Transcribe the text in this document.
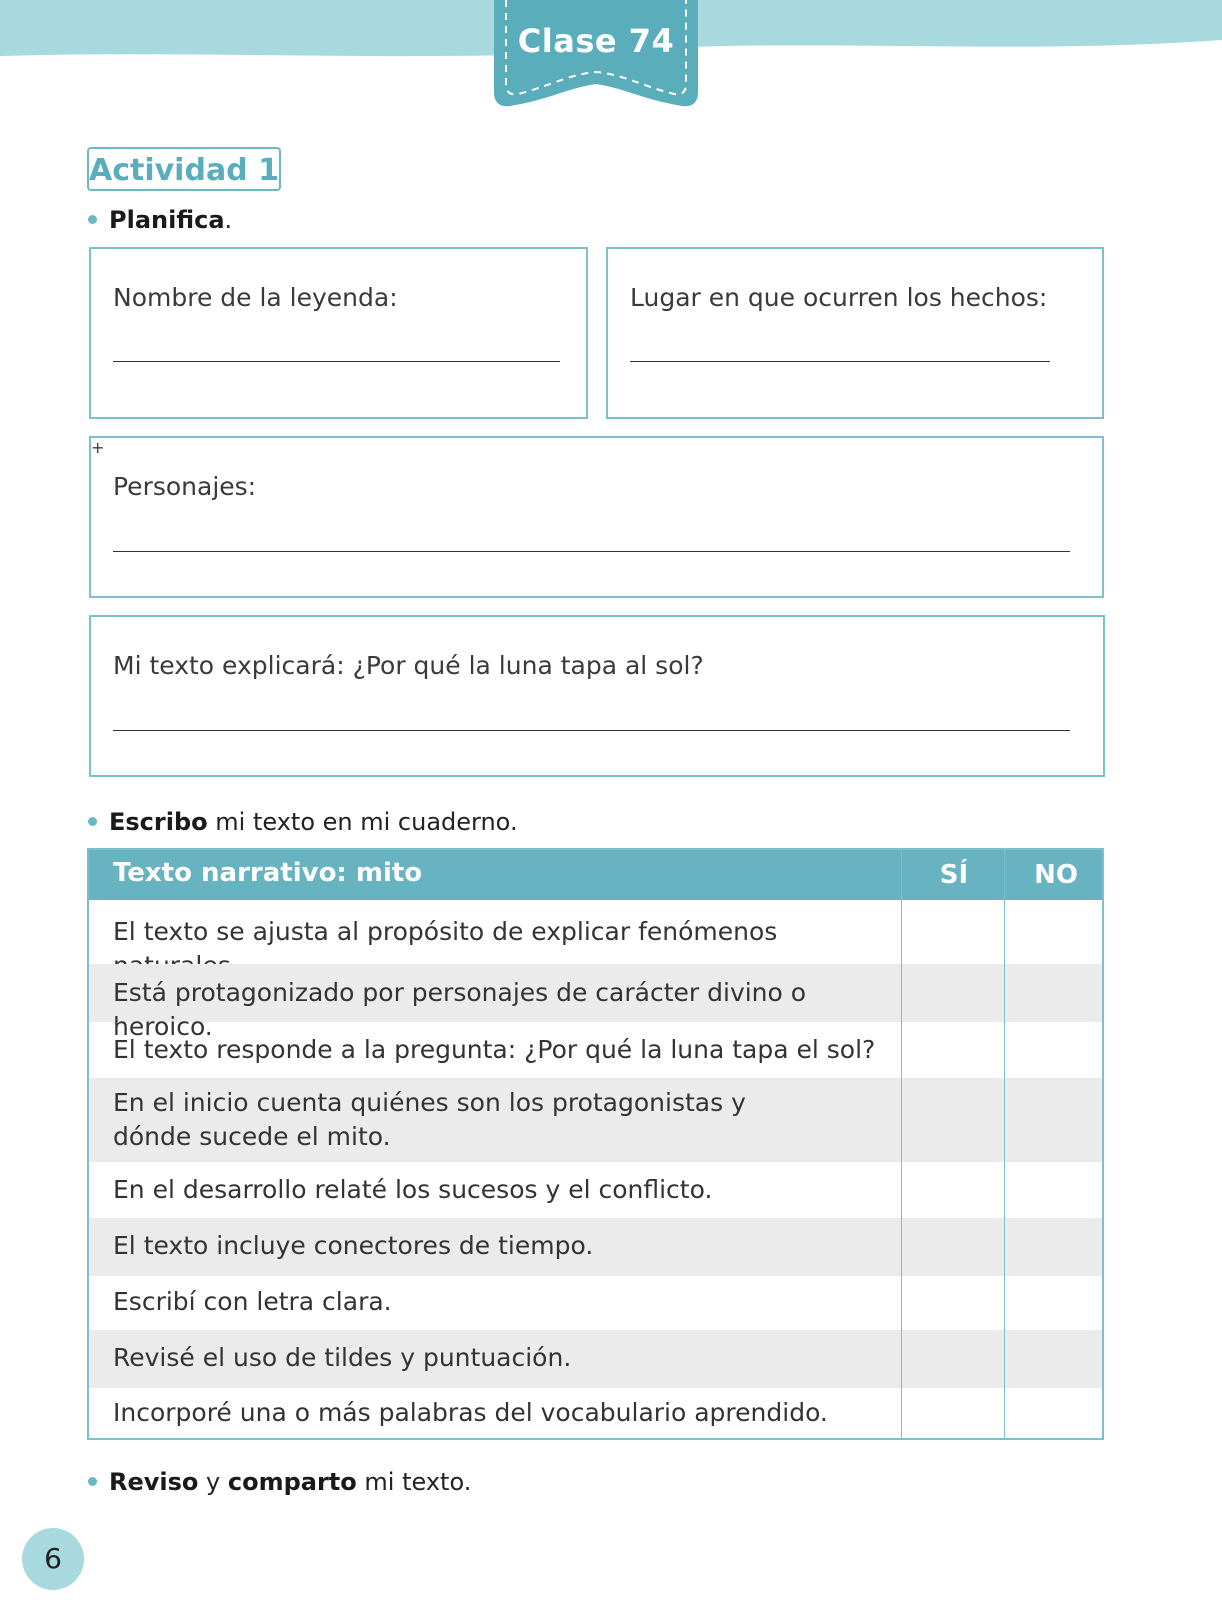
Clase 74
Actividad 1
Planifica.
Nombre de la leyenda:	Lugar en que ocurren los hechos:
Personajes:
+
Mi texto explicará: ¿Por qué la luna tapa al sol?
Escribo mi texto en mi cuaderno.
Texto narrativo: mito	SÍ	NO
El texto se ajusta al propósito de explicar fenómenos
Está protagonizado por personajes de carácter divino o heroico.
El texto responde a la pregunta: ¿Por qué la luna tapa el sol?
En el inicio cuenta quiénes son los protagonistas y dónde sucede el mito.
En el desarrollo relaté los sucesos y el conflicto.
El texto incluye conectores de tiempo.
Escribí con letra clara.
Revisé el uso de tildes y puntuación.
Incorporé una o más palabras del vocabulario aprendido.
Reviso y comparto mi texto.
6
